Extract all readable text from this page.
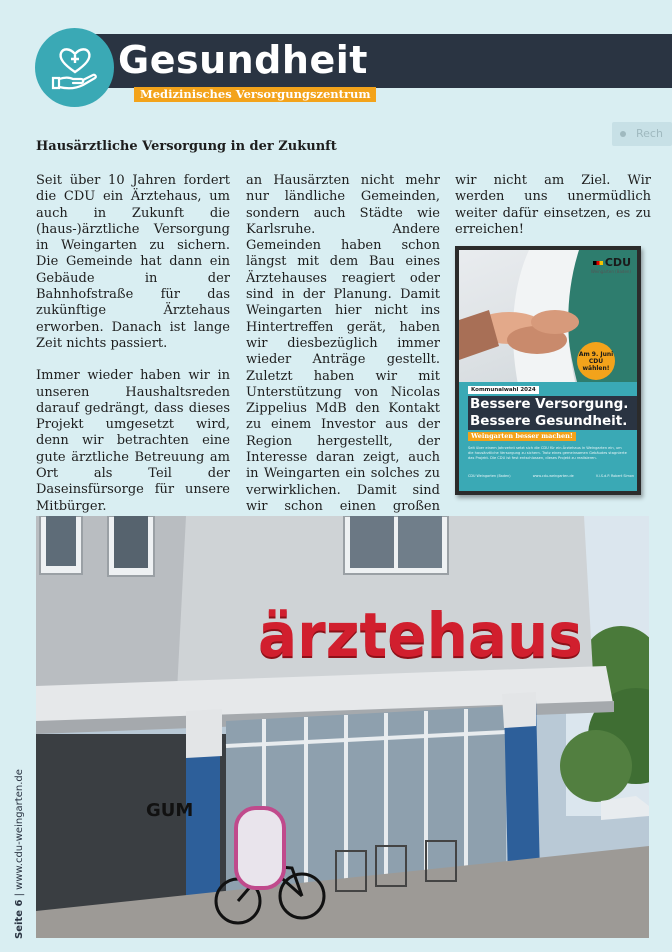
Gesundheit
Medizinisches Versorgungszentrum
Rech
Hausärztliche Versorgung in der Zukunft

Seit über 10 Jahren fordert die CDU ein Ärztehaus, um auch in Zukunft die (haus-)ärztliche Versorgung in Weingarten zu sichern. Die Gemeinde hat dann ein Gebäude in der Bahnhofstraße für das zukünftige Ärztehaus erworben. Danach ist lange Zeit nichts passiert.

Immer wieder haben wir in unseren Haushaltsreden darauf gedrängt, dass dieses Projekt umgesetzt wird, denn wir betrachten eine gute ärztliche Betreuung am Ort als Teil der Daseinsfürsorge für unsere Mitbürger.

an Hausärzten nicht mehr nur ländliche Gemeinden, sondern auch Städte wie Karlsruhe. Andere Gemeinden haben schon längst mit dem Bau eines Ärztehauses reagiert oder sind in der Planung. Damit Weingarten hier nicht ins Hintertreffen gerät, haben wir diesbezüglich immer wieder Anträge gestellt. Zuletzt haben wir mit Unterstützung von Nicolas Zippelius MdB den Kontakt zu einem Investor aus der Region hergestellt, der Interesse daran zeigt, auch in Weingarten ein solches zu verwirklichen. Damit sind wir schon einen großen

wir nicht am Ziel. Wir werden uns unermüdlich weiter dafür einsetzen, es zu erreichen!

CDU
Weingarten (Baden)
Am 9. Juni CDU wählen!
Kommunalwahl 2024
Bessere Versorgung.
Bessere Gesundheit.
Weingarten besser machen!
Seit über einem Jahrzehnt setzt sich die CDU für ein Ärztehaus in Weingarten ein, um die hausärztliche Versorgung zu sichern. Trotz eines gemeinsamen Gebäudes stagnierte das Projekt. Die CDU ist fest entschlossen, dieses Projekt zu realisieren.
CDU Weingarten (Baden)	www.cdu-weingarten.de	V.i.S.d.P. Robert Simon
GUM
ärztehaus
Seite 6 | www.cdu-weingarten.de
